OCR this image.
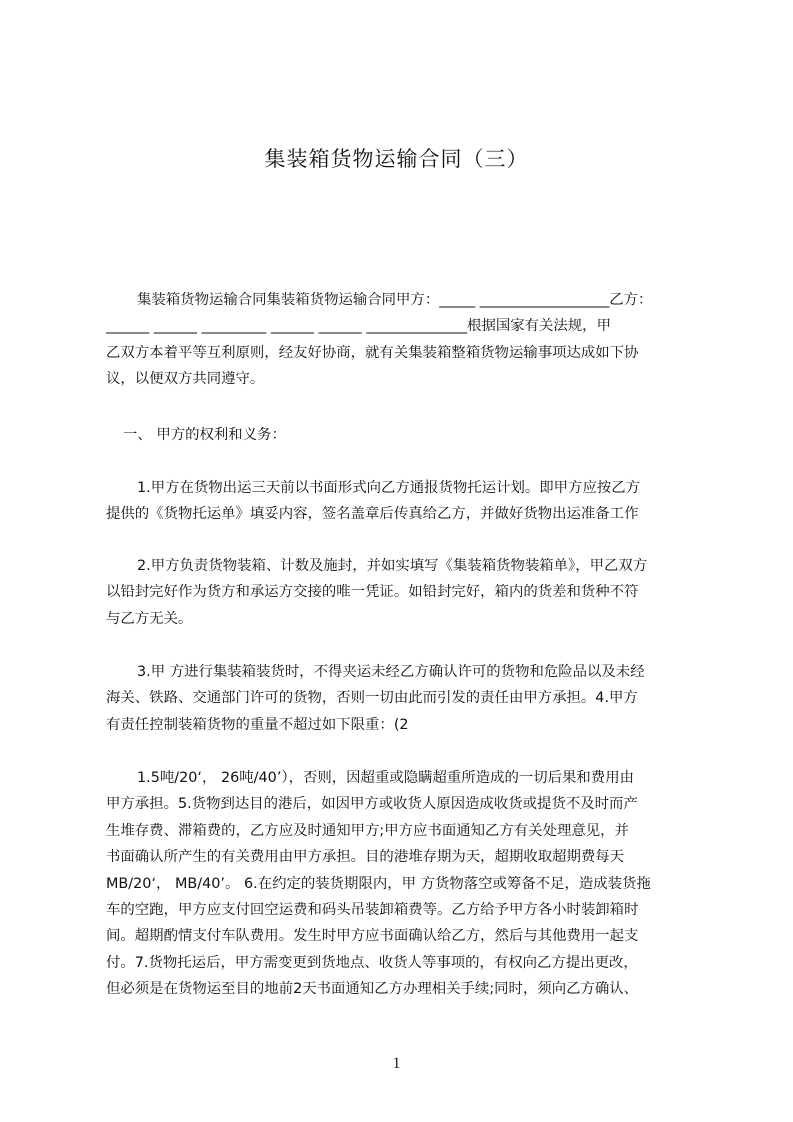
集装箱货物运输合同（三）
集装箱货物运输合同集装箱货物运输合同甲方：_____ __________________乙方：
______ ______ _________ ______ ______ ______________根据国家有关法规，甲
乙双方本着平等互利原则，经友好协商，就有关集装箱整箱货物运输事项达成如下协
议，以便双方共同遵守。
一、 甲方的权利和义务：
1.甲方在货物出运三天前以书面形式向乙方通报货物托运计划。即甲方应按乙方
提供的《货物托运单》填妥内容，签名盖章后传真给乙方，并做好货物出运准备工作
2.甲方负责货物装箱、计数及施封，并如实填写《集装箱货物装箱单》，甲乙双方
以铅封完好作为货方和承运方交接的唯一凭证。如铅封完好，箱内的货差和货种不符
与乙方无关。
3.甲 方进行集装箱装货时，不得夹运未经乙方确认许可的货物和危险品以及未经
海关、铁路、交通部门许可的货物，否则一切由此而引发的责任由甲方承担。4.甲方
有责任控制装箱货物的重量不超过如下限重：(2
1.5吨/20‘， 26吨/40’），否则，因超重或隐瞒超重所造成的一切后果和费用由
甲方承担。5.货物到达目的港后，如因甲方或收货人原因造成收货或提货不及时而产
生堆存费、滞箱费的，乙方应及时通知甲方;甲方应书面通知乙方有关处理意见，并
书面确认所产生的有关费用由甲方承担。目的港堆存期为天，超期收取超期费每天
MB/20‘， MB/40’。 6.在约定的装货期限内，甲 方货物落空或筹备不足，造成装货拖
车的空跑，甲方应支付回空运费和码头吊装卸箱费等。乙方给予甲方各小时装卸箱时
间。超期酌情支付车队费用。发生时甲方应书面确认给乙方，然后与其他费用一起支
付。7.货物托运后，甲方需变更到货地点、收货人等事项的，有权向乙方提出更改，
但必须是在货物运至目的地前2天书面通知乙方办理相关手续;同时，须向乙方确认、
1
